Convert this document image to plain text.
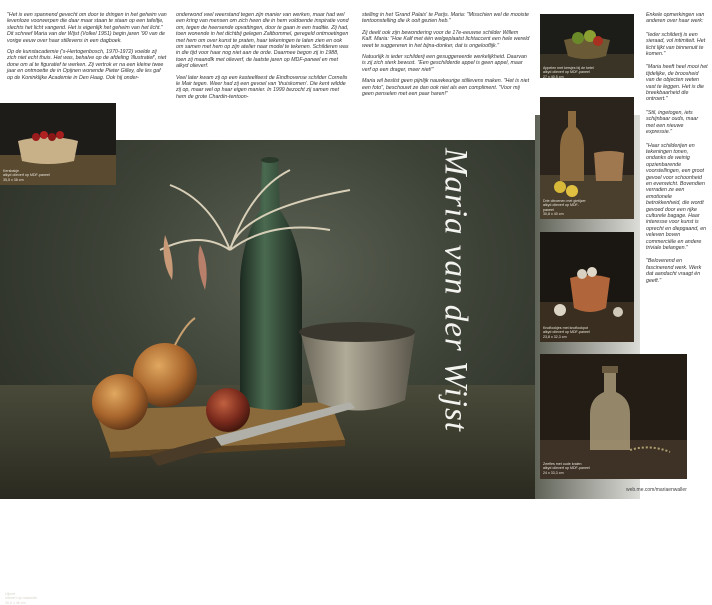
"Het is een spannend gevecht om door te dringen in het geheim van levenloze voorwerpen die daar maar staan te staan op een tafeltje, slechts het licht vangend. Het is eigenlijk het geheim van het licht." Dit schreef Maria van der Wijst (Volkel 1951) begin jaren '90 van de vorige eeuw over haar stillevens in een dagboek.

Op de kunstacademie ('s-Hertogenbosch, 1970-1972) voelde zij zich niet echt thuis. Het was, behalve op de afdeling 'illustratief', niet done om al te figuratief te werken. Zij vertrok er na een kleine twee jaar en ontmoette de in Opijnen wonende Pieter Gilley, die les gaf op de Koninklijke Academie in Den Haag. Ook hij onder-

onderwond veel weerstand tegen zijn manier van werken, maar had wel een kring van mensen om zich heen die in hem voldoende inspiratie vond om, tegen de heersende opvattingen, door te gaan in een traditie. Zij had, toen wonende in het dichtbij gelegen Zaltbommel, geregeld ontmoetingen met hem om over kunst te praten, haar tekeningen te laten zien en ook om samen met hem op zijn atelier naar model te tekenen. Schilderen was in die tijd voor haar nog niet aan de orde. Daarmee begon zij in 1988, toen zij maandlk met olieverf, de laatste jaren op MDF-paneel en met alkyd olieverf.

Veel later kwam zij op een kasteelfeest de Eindhovense schilder Cornelis le Mair tegen. Weer had zij een gevoel van 'thuiskomen'. Die kent wildde zij op, maar wel op haar eigen manier. In 1999 bezocht zij samen met hem de grote Chardin-tentoon-

stelling in het 'Grand Palais' te Parijs. Maria: "Misschien wel de mooiste tentoonstelling die ik ooit gezien heb."

Zij deelt ook zijn bewondering voor de 17e-eeuwse schilder Willem Kalf. Maria: "Hoe Kalf met één welgeplaatst lichtaccent een hele wereld weet te suggereren in het bijna-donker, dat is ongelooflijk."

Natuurlijk is ieder schilderij een gesuggereerde werkelijkheid. Daarvan is zij zich sterk bewust. "Een geschilderde appel is geen appel, maar verf op een drager, meer niet!"

Maria wil beslist geen pijnlijk nauwkeurige stillevens maken. "Het is niet een foto", beschouwt ze dan ook niet als een compliment. "Voor mij geen penselen met een paar haren!"

Uijmet
olieverf op masonite
30,5 x 46 cm
Maria van der Wijst
Kersbakje
alkyd olieverf op MDF-paneel
35,5 x 38 cm
Appelen met kersjes bij de ketel
alkyd olieverf op MDF-paneel
27 x 40,5 cm
Drie citroenen met gietijzer
alkyd olieverf op MDF-
paneel
30,8 x 40 cm
Knoflookjes met knoflookpot
alkyd olieverf op MDF-paneel
23,8 x 32,3 cm
Zeefles met oude kralen
alkyd olieverf op MDF-paneel
24 x 33,3 cm

Enkele opmerkingen van anderen over haar werk:

"Ieder schilderij is een sieraad, vol intimiteit. Het licht lijkt van binnenuit te komen."

"Maria heeft heel mooi het tijdelijke, de broosheid van de objecten weten vast te leggen. Het is die breekbaarheid die ontroert."

"Stil, ingetogen, iets schijnbaar ouds, maar met een nieuwe expressie."

"Haar schilderijen en tekeningen tonen, ondanks de weinig opzienbarende voorstellingen, een groot gevoel voor schoonheid en evenwicht. Bovendien verraden ze een emotionele betrokkenheid, die wordt gevoed door een rijke culturele bagage. Haar interesse voor kunst is oprecht en diepgaand, en veleven boven commerciële en andere triviale belangen."

"Beloverend en fascinerend werk. Werk dat aandacht vraagt én geeft."

web.me.com/mariaenwaller
